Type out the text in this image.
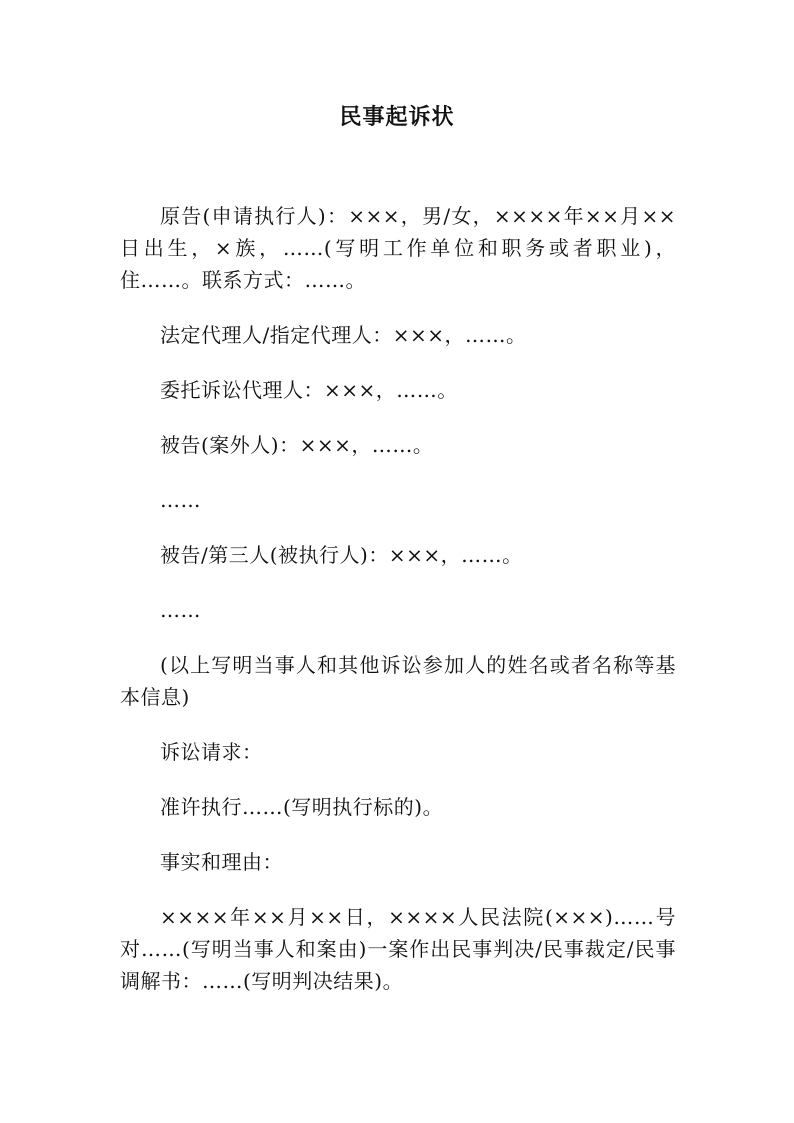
民事起诉状

原告(申请执行人)：×××，男/女，××××年××月××日出生，×族，……(写明工作单位和职务或者职业)，住……。联系方式：……。

法定代理人/指定代理人：×××，……。

委托诉讼代理人：×××，……。

被告(案外人)：×××，……。

……

被告/第三人(被执行人)：×××，……。

……

(以上写明当事人和其他诉讼参加人的姓名或者名称等基本信息)

诉讼请求：

准许执行……(写明执行标的)。

事实和理由：

××××年××月××日，××××人民法院(×××)……号对……(写明当事人和案由)一案作出民事判决/民事裁定/民事调解书：……(写明判决结果)。
